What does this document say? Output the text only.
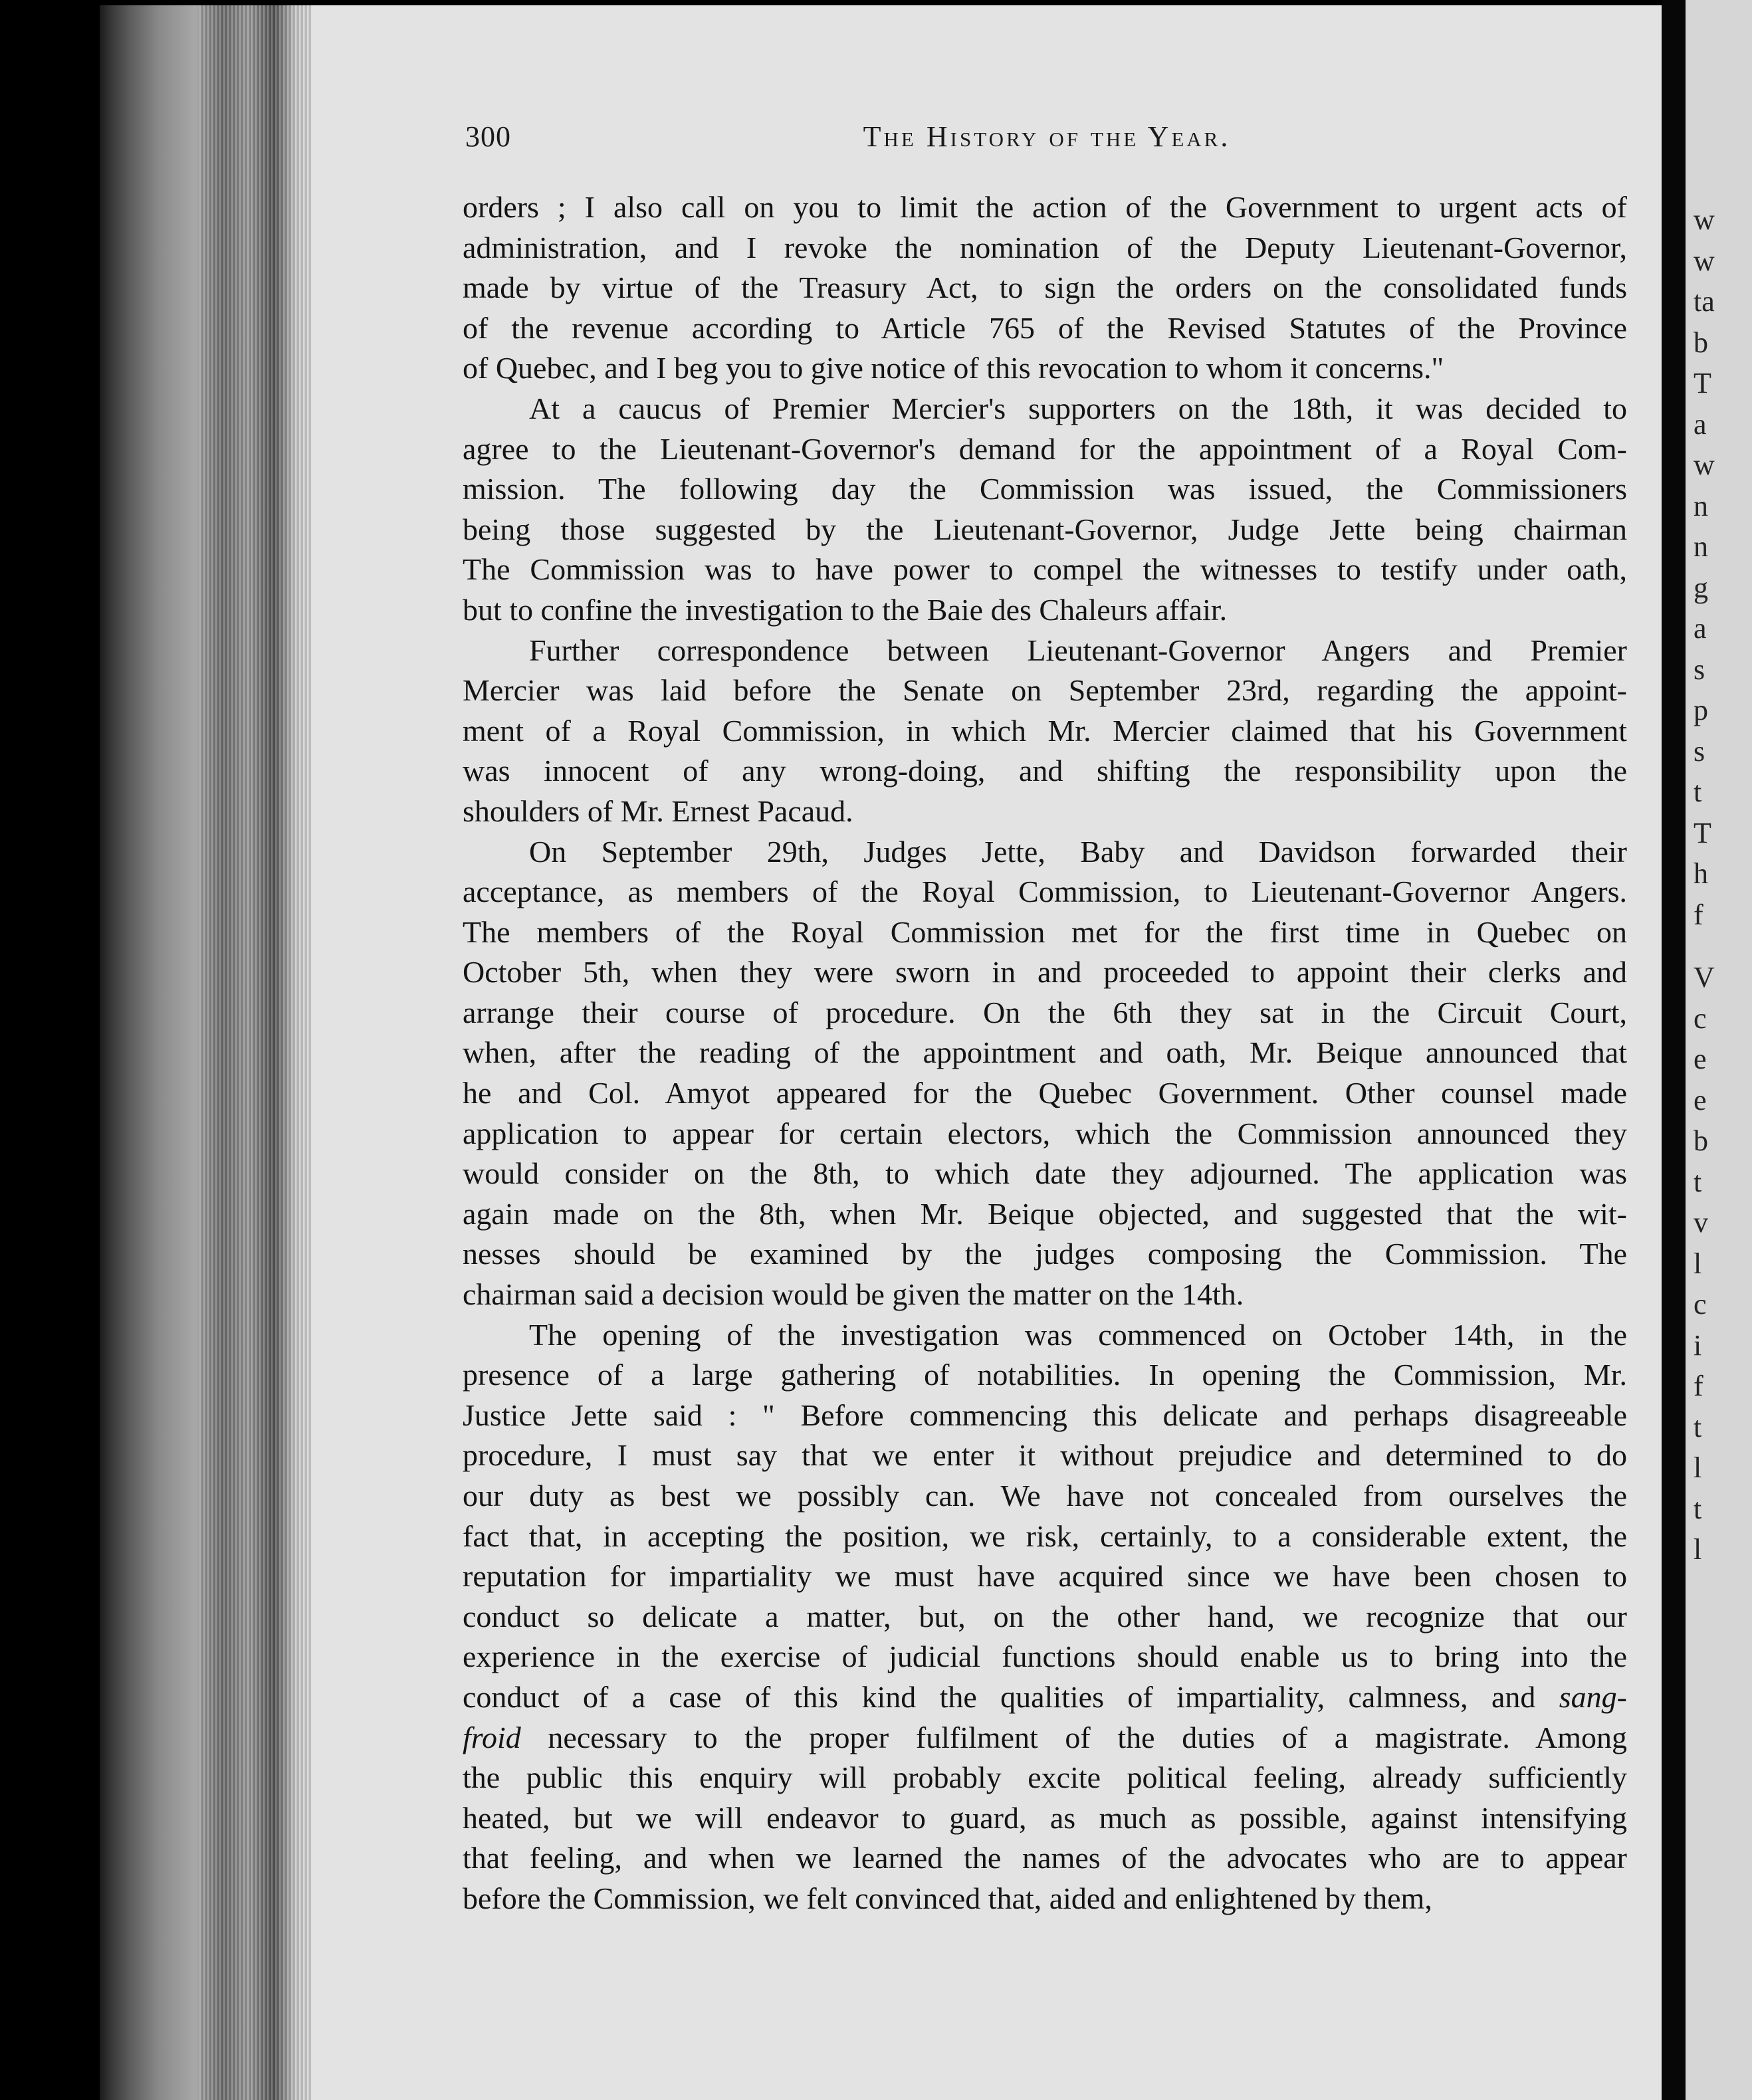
w
w
ta
b
T
a
w
n
n
g
a
s
p
s
t
T
h
f
V
c
e
e
b
t
v
l
c
i
f
t
l
t
l
300	The History of the Year.
orders ; I also call on you to limit the action of the Government to urgent acts of
administration, and I revoke the nomination of the Deputy Lieutenant-Governor,
made by virtue of the Treasury Act, to sign the orders on the consolidated funds
of the revenue according to Article 765 of the Revised Statutes of the Province
of Quebec, and I beg you to give notice of this revocation to whom it concerns."
At a caucus of Premier Mercier's supporters on the 18th, it was decided to
agree to the Lieutenant-Governor's demand for the appointment of a Royal Com-
mission. The following day the Commission was issued, the Commissioners
being those suggested by the Lieutenant-Governor, Judge Jette being chairman
The Commission was to have power to compel the witnesses to testify under oath,
but to confine the investigation to the Baie des Chaleurs affair.
Further correspondence between Lieutenant-Governor Angers and Premier
Mercier was laid before the Senate on September 23rd, regarding the appoint-
ment of a Royal Commission, in which Mr. Mercier claimed that his Government
was innocent of any wrong-doing, and shifting the responsibility upon the
shoulders of Mr. Ernest Pacaud.
On September 29th, Judges Jette, Baby and Davidson forwarded their
acceptance, as members of the Royal Commission, to Lieutenant-Governor Angers.
The members of the Royal Commission met for the first time in Quebec on
October 5th, when they were sworn in and proceeded to appoint their clerks and
arrange their course of procedure. On the 6th they sat in the Circuit Court,
when, after the reading of the appointment and oath, Mr. Beique announced that
he and Col. Amyot appeared for the Quebec Government. Other counsel made
application to appear for certain electors, which the Commission announced they
would consider on the 8th, to which date they adjourned. The application was
again made on the 8th, when Mr. Beique objected, and suggested that the wit-
nesses should be examined by the judges composing the Commission. The
chairman said a decision would be given the matter on the 14th.
The opening of the investigation was commenced on October 14th, in the
presence of a large gathering of notabilities. In opening the Commission, Mr.
Justice Jette said : " Before commencing this delicate and perhaps disagreeable
procedure, I must say that we enter it without prejudice and determined to do
our duty as best we possibly can. We have not concealed from ourselves the
fact that, in accepting the position, we risk, certainly, to a considerable extent, the
reputation for impartiality we must have acquired since we have been chosen to
conduct so delicate a matter, but, on the other hand, we recognize that our
experience in the exercise of judicial functions should enable us to bring into the
conduct of a case of this kind the qualities of impartiality, calmness, and sang-
froid necessary to the proper fulfilment of the duties of a magistrate. Among
the public this enquiry will probably excite political feeling, already sufficiently
heated, but we will endeavor to guard, as much as possible, against intensifying
that feeling, and when we learned the names of the advocates who are to appear
before the Commission, we felt convinced that, aided and enlightened by them,
